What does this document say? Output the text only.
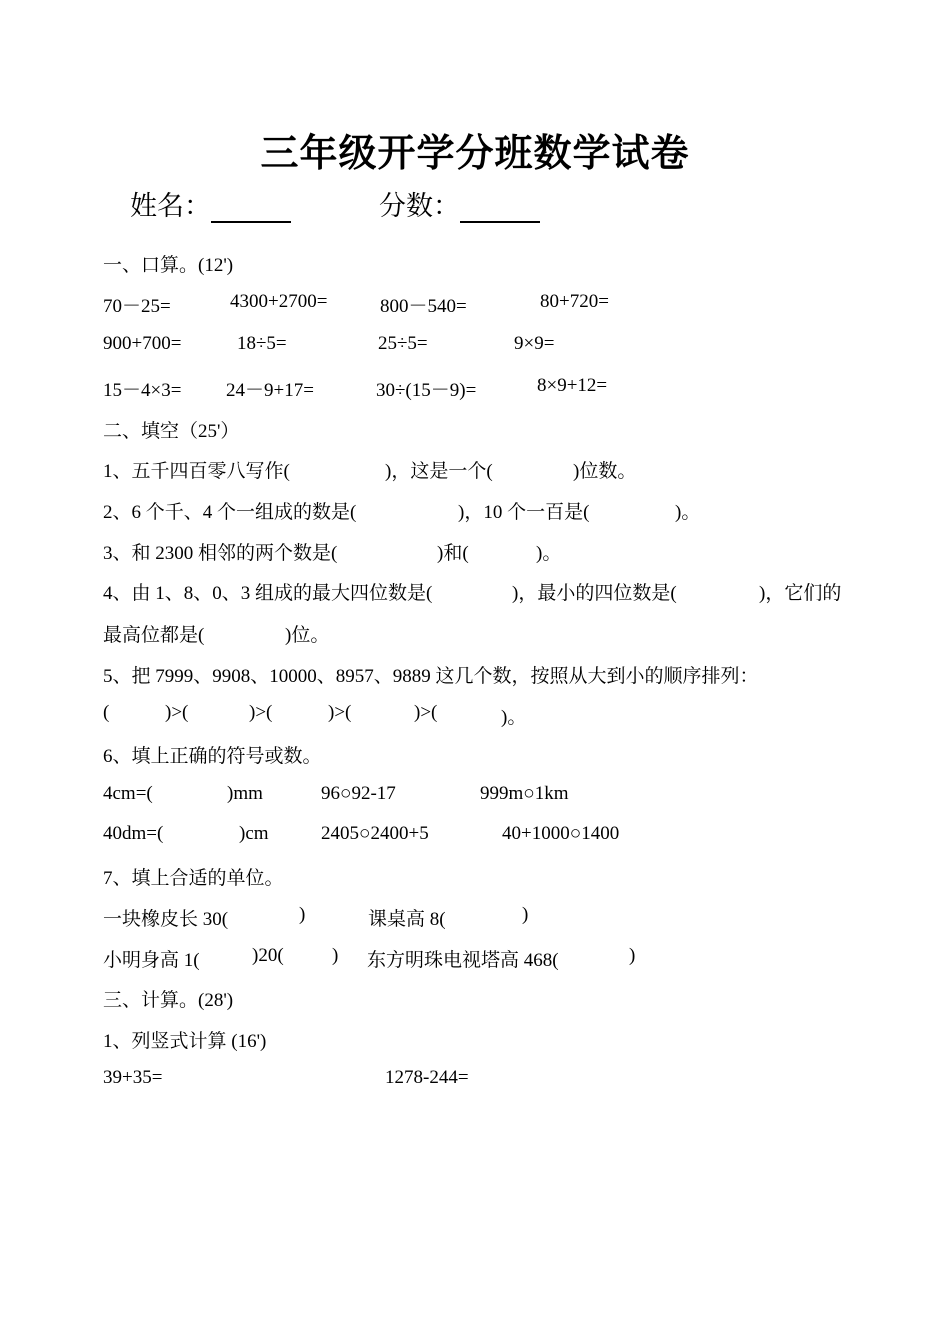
三年级开学分班数学试卷
姓名：	分数：
一、口算。(12')
70－25=	4300+2700=	800－540=	80+720=
900+700=	18÷5=	25÷5=	9×9=
15－4×3= 24－9+17=	30÷(15－9)=	8×9+12=
二、填空（25'）
1、五千四百零八写作(	)，这是一个(	)位数。
2、6 个千、4 个一组成的数是(	)，10 个一百是(	)。
3、和 2300 相邻的两个数是(	)和(	)。
4、由 1、8、0、3 组成的最大四位数是(	)，最小的四位数是(	)，它们的
最高位都是(	)位。
5、把 7999、9908、10000、8957、9889 这几个数，按照从大到小的顺序排列：
(	)>(	)>(	)>(	)>(	)。
6、填上正确的符号或数。
4cm=(	)mm	96○92-17	999m○1km
40dm=(	)cm	2405○2400+5	40+1000○1400
7、填上合适的单位。
一块橡皮长 30(	)	课桌高 8(	)
小明身高 1(	)20(	) 东方明珠电视塔高 468(	)
三、计算。(28')
1、列竖式计算 (16')
39+35=	1278-244=
